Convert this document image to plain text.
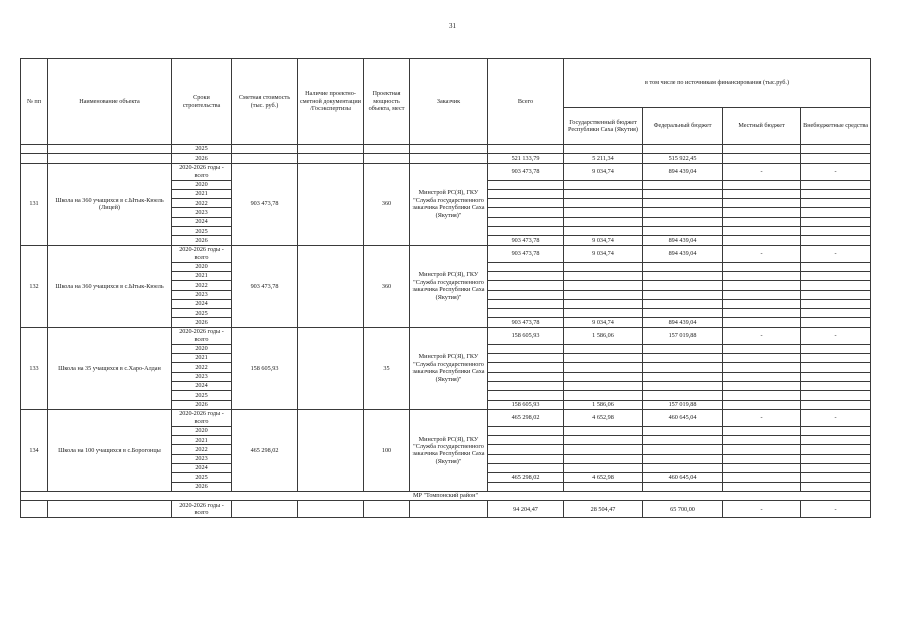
31
№ пп	Наименование объекта	Сроки строительства	Сметная стоимость (тыс. руб.)	Наличие проектно-сметной документации /Госэкспертизы	Проектная мощность объекта, мест	Заказчик	Всего	в том числе по источникам финансирования (тыс.руб.)			
								Государственный бюджет Республики Саха (Якутия)	Федеральный бюджет	Местный бюджет	Внебюджетные средства
		2025									
		2026					521 133,79	5 211,34	515 922,45		
131	Школа на 360 учащихся в с.Ытык-Кюель (Лицей)	2020-2026 годы - всего	903 473,78		360	Минстрой РС(Я), ГКУ "Служба государственного заказчика Республики Саха (Якутия)"	903 473,78	9 034,74	894 439,04	-	-
		2020									
		2021									
		2022									
		2023									
		2024									
		2025									
		2026					903 473,78	9 034,74	894 439,04		
132	Школа на 360 учащихся в с.Ытык-Кюель	2020-2026 годы - всего	903 473,78		360	Минстрой РС(Я), ГКУ "Служба государственного заказчика Республики Саха (Якутия)"	903 473,78	9 034,74	894 439,04	-	-
		2020									
		2021									
		2022									
		2023									
		2024									
		2025									
		2026					903 473,78	9 034,74	894 439,04		
133	Школа на 35 учащихся в с.Харо-Алдан	2020-2026 годы - всего	158 605,93		35	Минстрой РС(Я), ГКУ "Служба государственного заказчика Республики Саха (Якутия)"	158 605,93	1 586,06	157 019,88	-	-
		2020									
		2021									
		2022									
		2023									
		2024									
		2025									
		2026					158 605,93	1 586,06	157 019,88		
134	Школа на 100 учащихся в с.Борогонцы	2020-2026 годы - всего	465 298,02		100	Минстрой РС(Я), ГКУ "Служба государственного заказчика Республики Саха (Якутия)"	465 298,02	4 652,98	460 645,04	-	-
		2020									
		2021									
		2022									
		2023									
		2024									
		2025					465 298,02	4 652,98	460 645,04		
		2026									
МР "Томпонский район"											
		2020-2026 годы - всего					94 204,47	28 504,47	65 700,00	-	-
